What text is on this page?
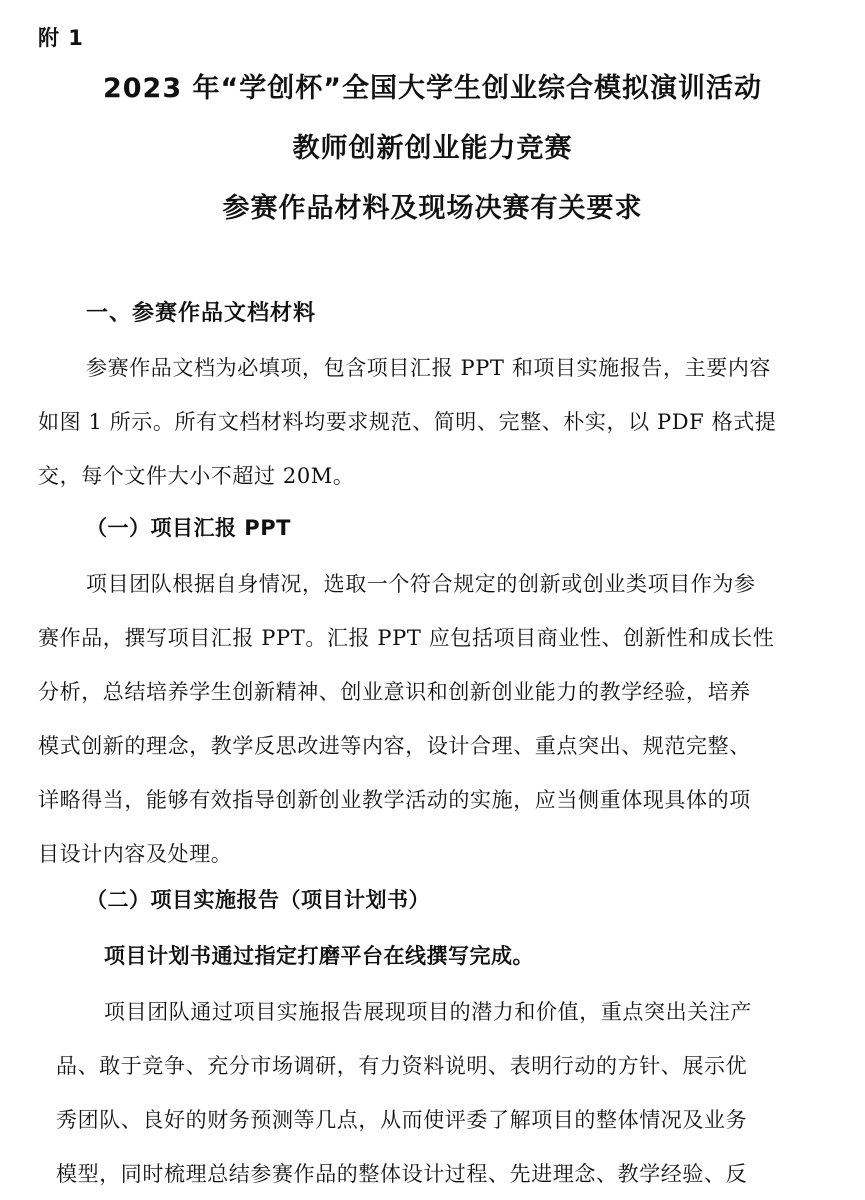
附 1
2023 年“学创杯”全国大学生创业综合模拟演训活动
教师创新创业能力竞赛
参赛作品材料及现场决赛有关要求
一、参赛作品文档材料
参赛作品文档为必填项，包含项目汇报 PPT 和项目实施报告，主要内容
如图 1 所示。所有文档材料均要求规范、简明、完整、朴实，以 PDF 格式提
交，每个文件大小不超过 20M。
（一）项目汇报 PPT
项目团队根据自身情况，选取一个符合规定的创新或创业类项目作为参
赛作品，撰写项目汇报 PPT。汇报 PPT 应包括项目商业性、创新性和成长性
分析，总结培养学生创新精神、创业意识和创新创业能力的教学经验，培养
模式创新的理念，教学反思改进等内容，设计合理、重点突出、规范完整、
详略得当，能够有效指导创新创业教学活动的实施，应当侧重体现具体的项
目设计内容及处理。
（二）项目实施报告（项目计划书）
项目计划书通过指定打磨平台在线撰写完成。
项目团队通过项目实施报告展现项目的潜力和价值，重点突出关注产
品、敢于竞争、充分市场调研，有力资料说明、表明行动的方针、展示优
秀团队、良好的财务预测等几点，从而使评委了解项目的整体情况及业务
模型，同时梳理总结参赛作品的整体设计过程、先进理念、教学经验、反
